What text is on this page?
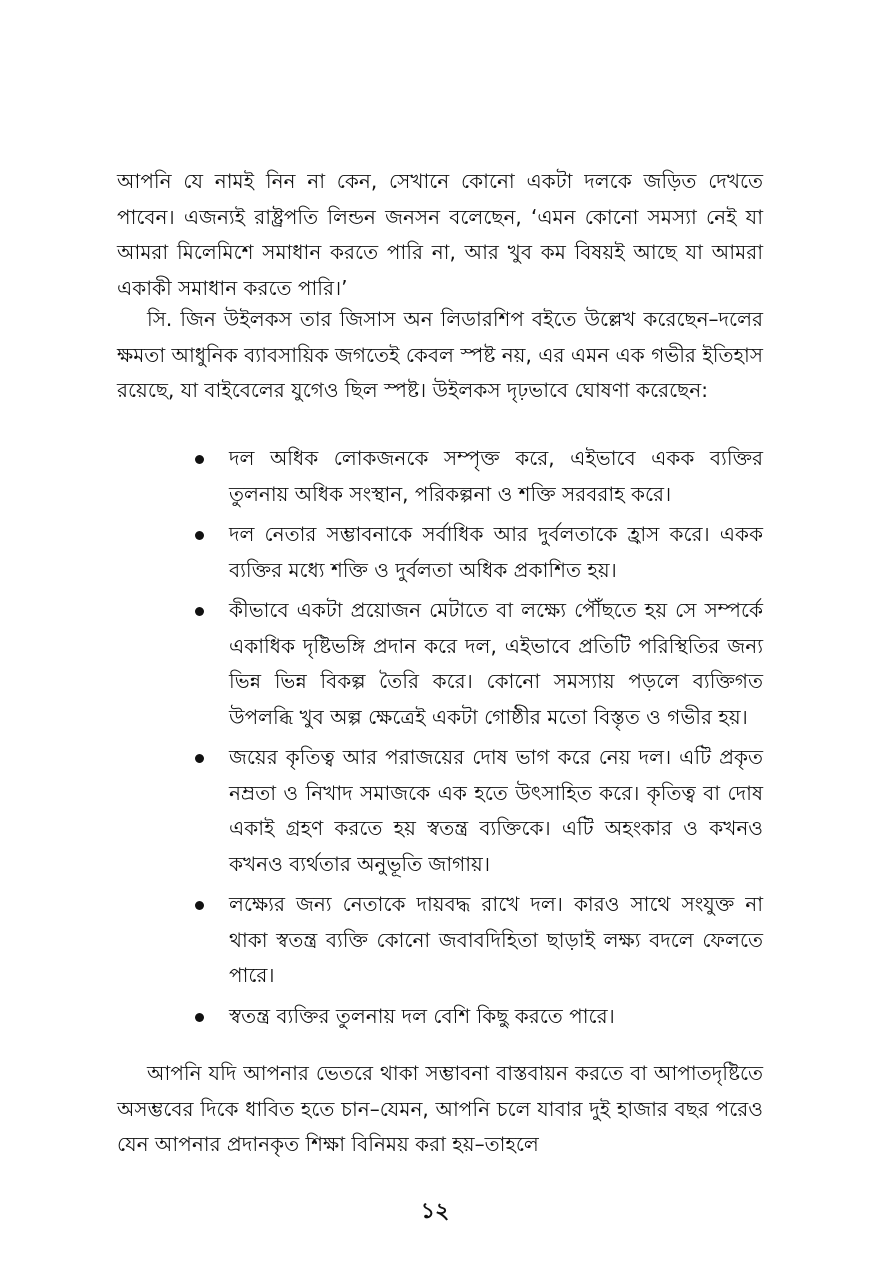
আপনি যে নামই নিন না কেন, সেখানে কোনো একটা দলকে জড়িত দেখতে পাবেন। এজন্যই রাষ্ট্রপতি লিন্ডন জনসন বলেছেন, ‘এমন কোনো সমস্যা নেই যা আমরা মিলেমিশে সমাধান করতে পারি না, আর খুব কম বিষয়ই আছে যা আমরা একাকী সমাধান করতে পারি।’

সি. জিন উইলকস তার জিসাস অন লিডারশিপ বইতে উল্লেখ করেছেন–দলের ক্ষমতা আধুনিক ব্যাবসায়িক জগতেই কেবল স্পষ্ট নয়, এর এমন এক গভীর ইতিহাস রয়েছে, যা বাইবেলের যুগেও ছিল স্পষ্ট। উইলকস দৃঢ়ভাবে ঘোষণা করেছেন:

দল অধিক লোকজনকে সম্পৃক্ত করে, এইভাবে একক ব্যক্তির তুলনায় অধিক সংস্থান, পরিকল্পনা ও শক্তি সরবরাহ করে।
দল নেতার সম্ভাবনাকে সর্বাধিক আর দুর্বলতাকে হ্রাস করে। একক ব্যক্তির মধ্যে শক্তি ও দুর্বলতা অধিক প্রকাশিত হয়।
কীভাবে একটা প্রয়োজন মেটাতে বা লক্ষ্যে পৌঁছতে হয় সে সম্পর্কে একাধিক দৃষ্টিভঙ্গি প্রদান করে দল, এইভাবে প্রতিটি পরিস্থিতির জন্য ভিন্ন ভিন্ন বিকল্প তৈরি করে। কোনো সমস্যায় পড়লে ব্যক্তিগত উপলব্ধি খুব অল্প ক্ষেত্রেই একটা গোষ্ঠীর মতো বিস্তৃত ও গভীর হয়।
জয়ের কৃতিত্ব আর পরাজয়ের দোষ ভাগ করে নেয় দল। এটি প্রকৃত নম্রতা ও নিখাদ সমাজকে এক হতে উৎসাহিত করে। কৃতিত্ব বা দোষ একাই গ্রহণ করতে হয় স্বতন্ত্র ব্যক্তিকে। এটি অহংকার ও কখনও কখনও ব্যর্থতার অনুভূতি জাগায়।
লক্ষ্যের জন্য নেতাকে দায়বদ্ধ রাখে দল। কারও সাথে সংযুক্ত না থাকা স্বতন্ত্র ব্যক্তি কোনো জবাবদিহিতা ছাড়াই লক্ষ্য বদলে ফেলতে পারে।
স্বতন্ত্র ব্যক্তির তুলনায় দল বেশি কিছু করতে পারে।

আপনি যদি আপনার ভেতরে থাকা সম্ভাবনা বাস্তবায়ন করতে বা আপাতদৃষ্টিতে অসম্ভবের দিকে ধাবিত হতে চান–যেমন, আপনি চলে যাবার দুই হাজার বছর পরেও যেন আপনার প্রদানকৃত শিক্ষা বিনিময় করা হয়–তাহলে

১২
